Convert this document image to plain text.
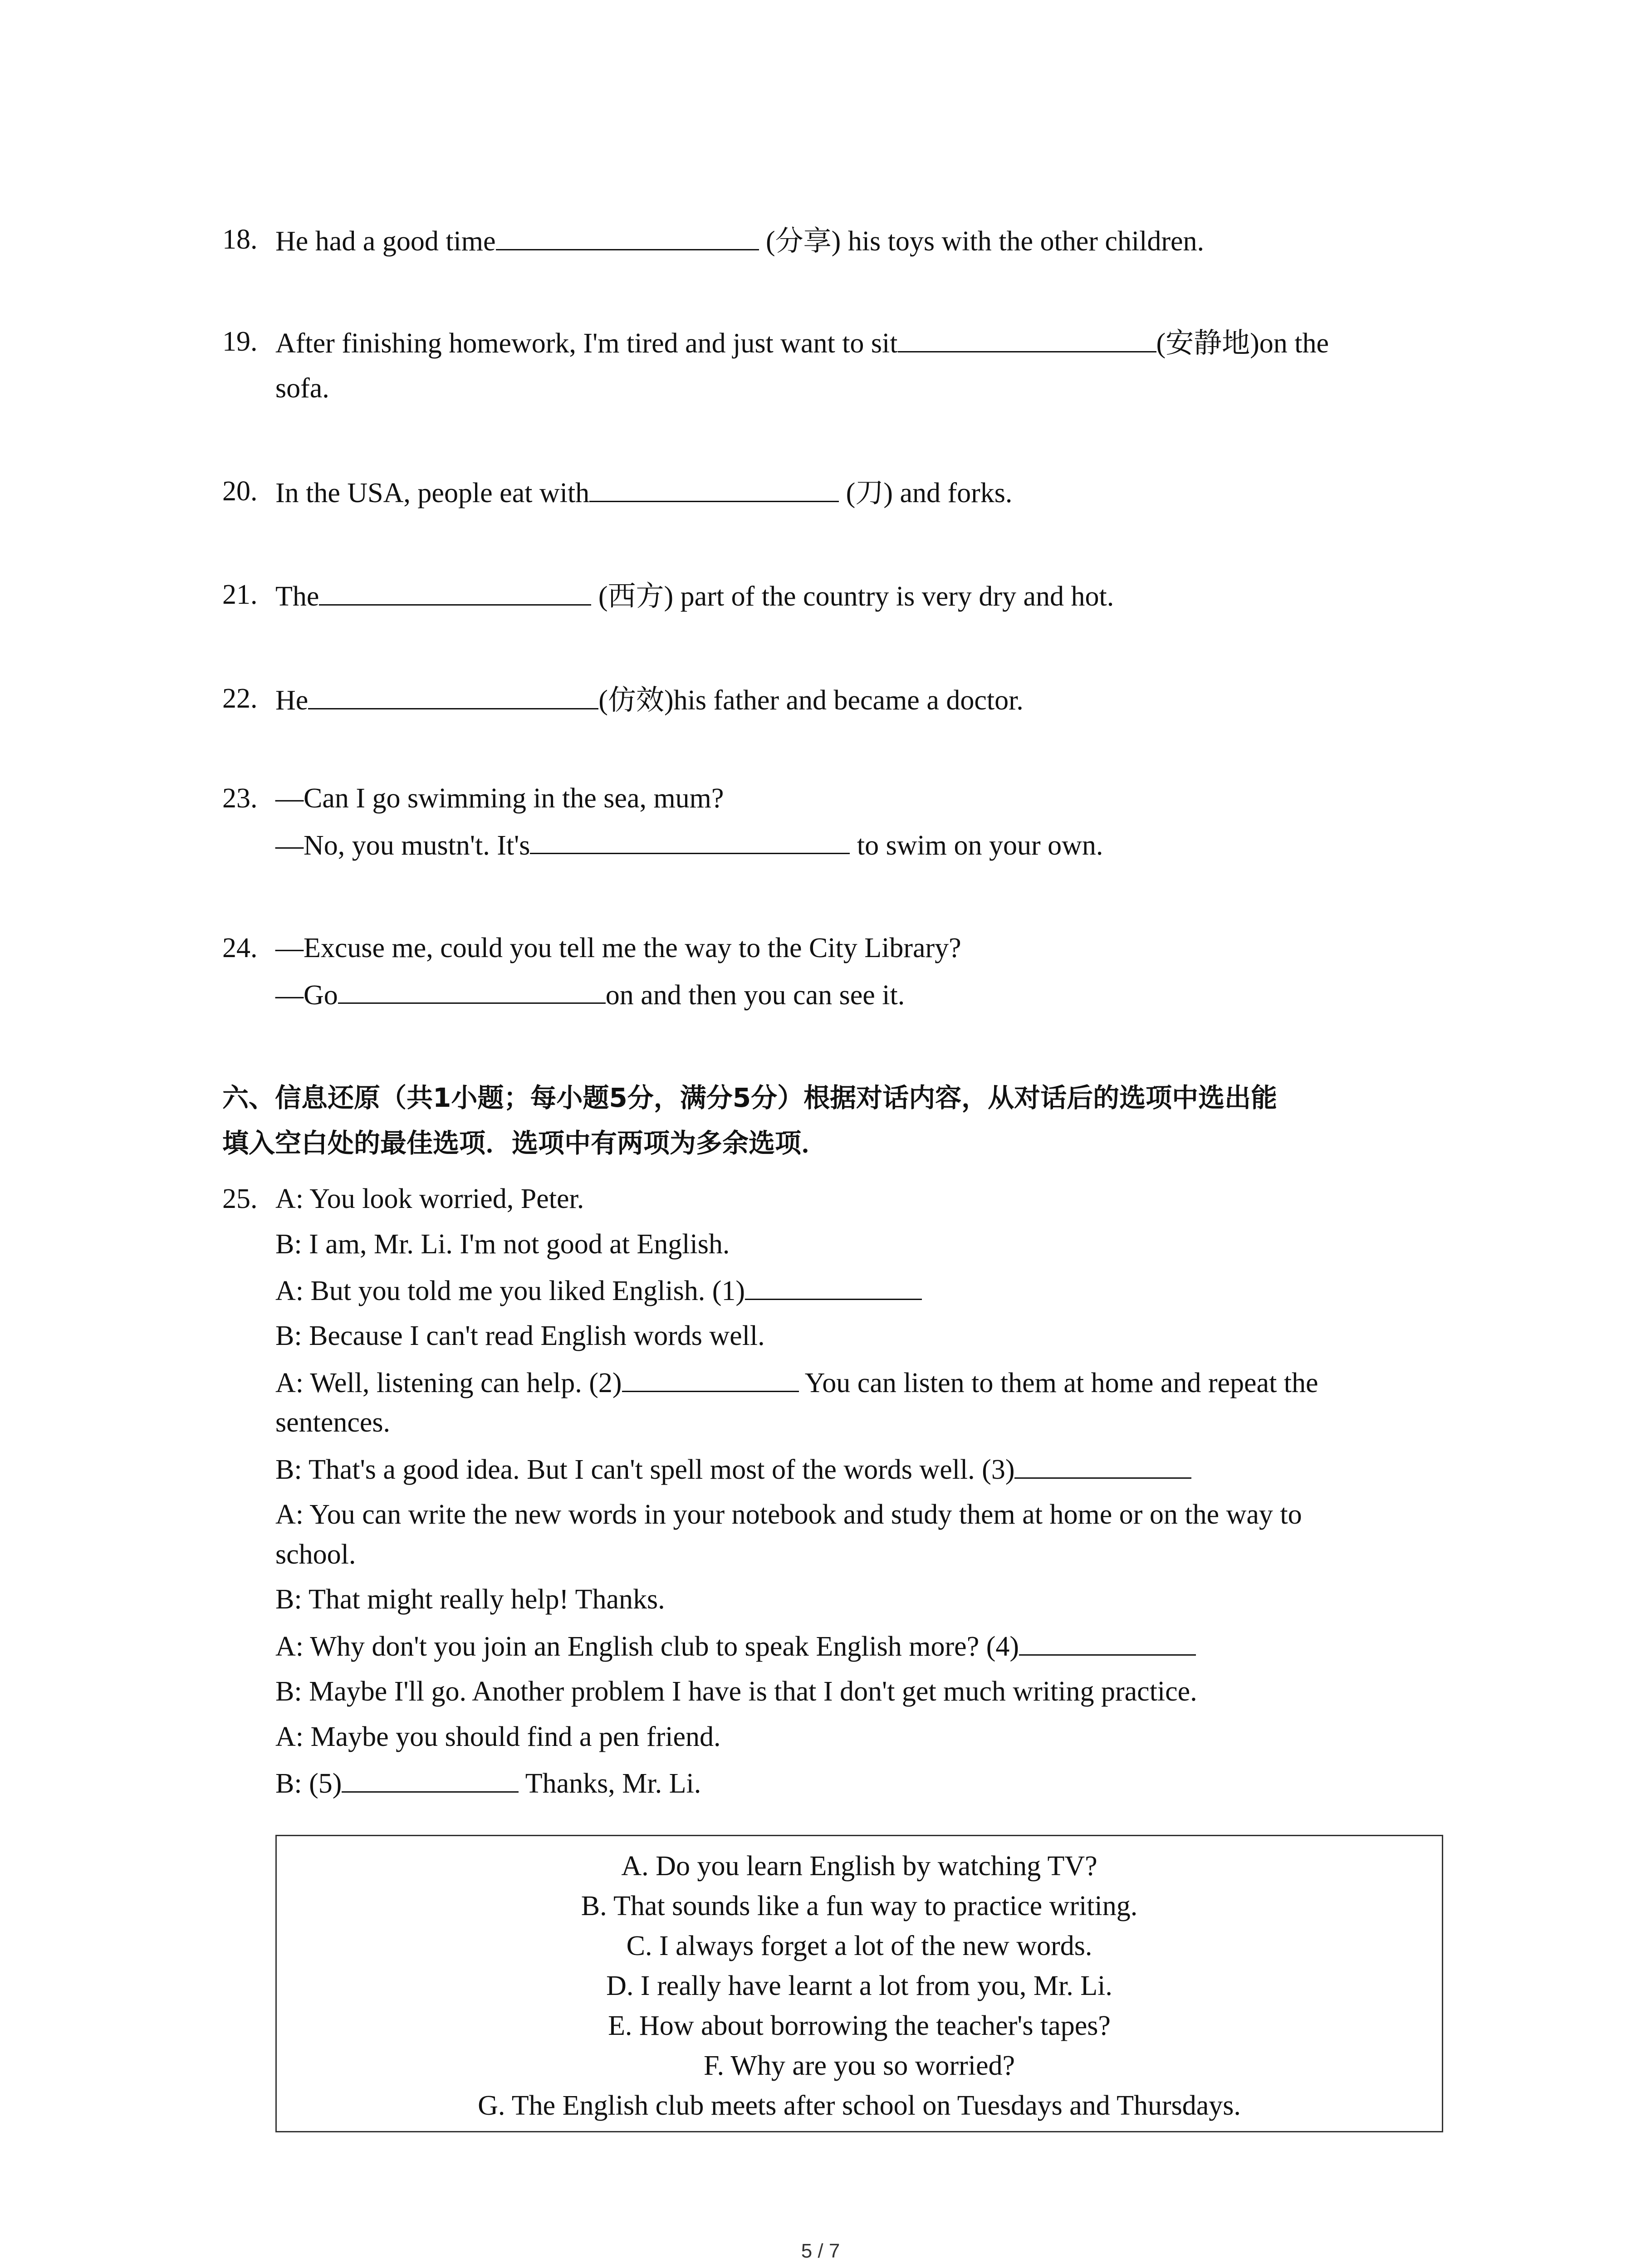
18. He had a good time	(分享) his toys with the other children.
19. After finishing homework, I'm tired and just want to sit	(安静地)on the
sofa.
20. In the USA, people eat with	(刀) and forks.
21. The	(西方) part of the country is very dry and hot.
22. He	(仿效)his father and became a doctor.
23. —Can I go swimming in the sea, mum?
—No, you mustn't. It's	to swim on your own.
24. —Excuse me, could you tell me the way to the City Library?
—Go	on and then you can see it.
六、信息还原（共1小题；每小题5分，满分5分）根据对话内容，从对话后的选项中选出能
填入空白处的最佳选项．选项中有两项为多余选项．
25. A: You look worried, Peter.
B: I am, Mr. Li. I'm not good at English.
A: But you told me you liked English. (1)
B: Because I can't read English words well.
A: Well, listening can help. (2)	You can listen to them at home and repeat the
sentences.
B: That's a good idea. But I can't spell most of the words well. (3)
A: You can write the new words in your notebook and study them at home or on the way to
school.
B: That might really help! Thanks.
A: Why don't you join an English club to speak English more? (4)
B: Maybe I'll go. Another problem I have is that I don't get much writing practice.
A: Maybe you should find a pen friend.
B: (5)	Thanks, Mr. Li.
A. Do you learn English by watching TV?
B. That sounds like a fun way to practice writing.
C. I always forget a lot of the new words.
D. I really have learnt a lot from you, Mr. Li.
E. How about borrowing the teacher's tapes?
F. Why are you so worried?
G. The English club meets after school on Tuesdays and Thursdays.
5 / 7
